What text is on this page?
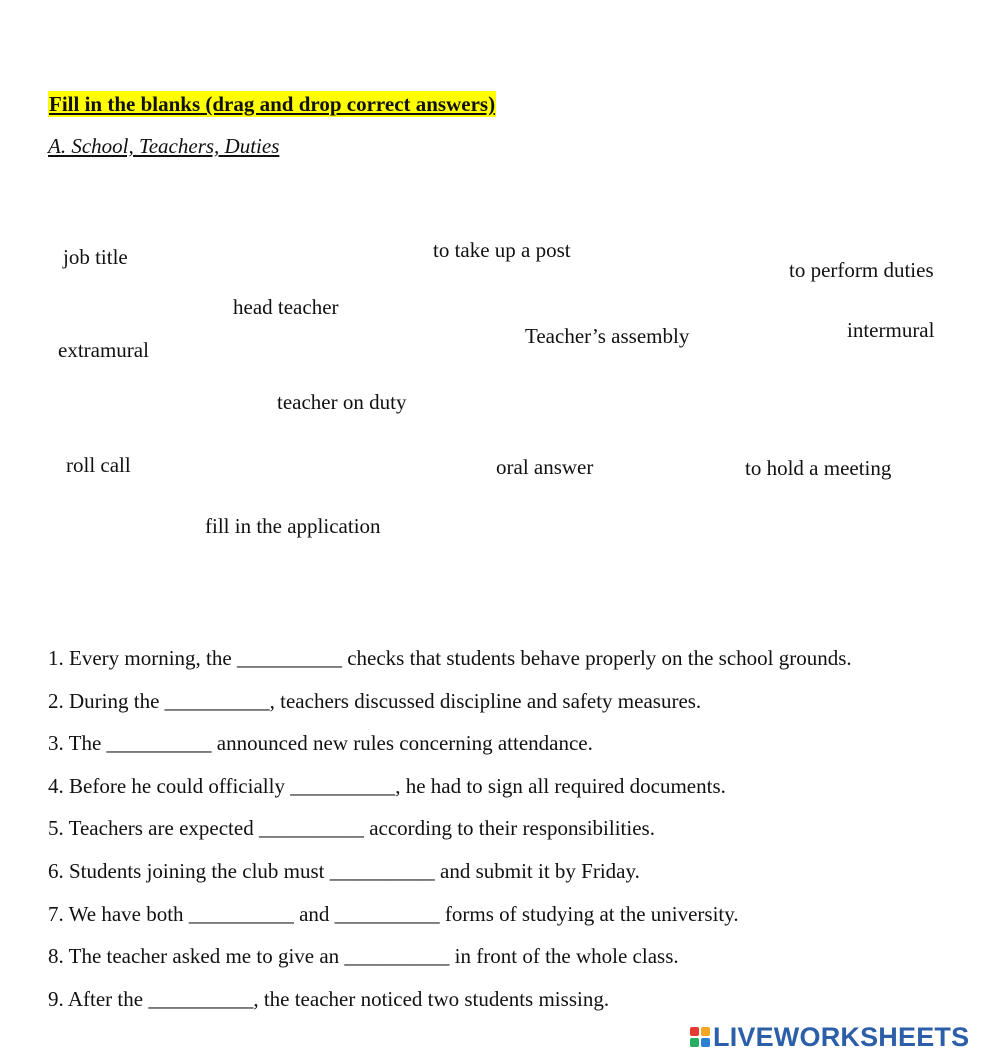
Fill in the blanks (drag and drop correct answers)
A. School, Teachers, Duties
job title	to take up a post
to perform duties
head teacher
intermural
Teacher’s assembly
extramural
teacher on duty
roll call	oral answer	to hold a meeting
fill in the application
1. Every morning, the __________ checks that students behave properly on the school grounds.
2. During the __________, teachers discussed discipline and safety measures.
3. The __________ announced new rules concerning attendance.
4. Before he could officially __________, he had to sign all required documents.
5. Teachers are expected __________ according to their responsibilities.
6. Students joining the club must __________ and submit it by Friday.
7. We have both __________ and __________ forms of studying at the university.
8. The teacher asked me to give an __________ in front of the whole class.
9. After the __________, the teacher noticed two students missing.
LIVEWORKSHEETS
